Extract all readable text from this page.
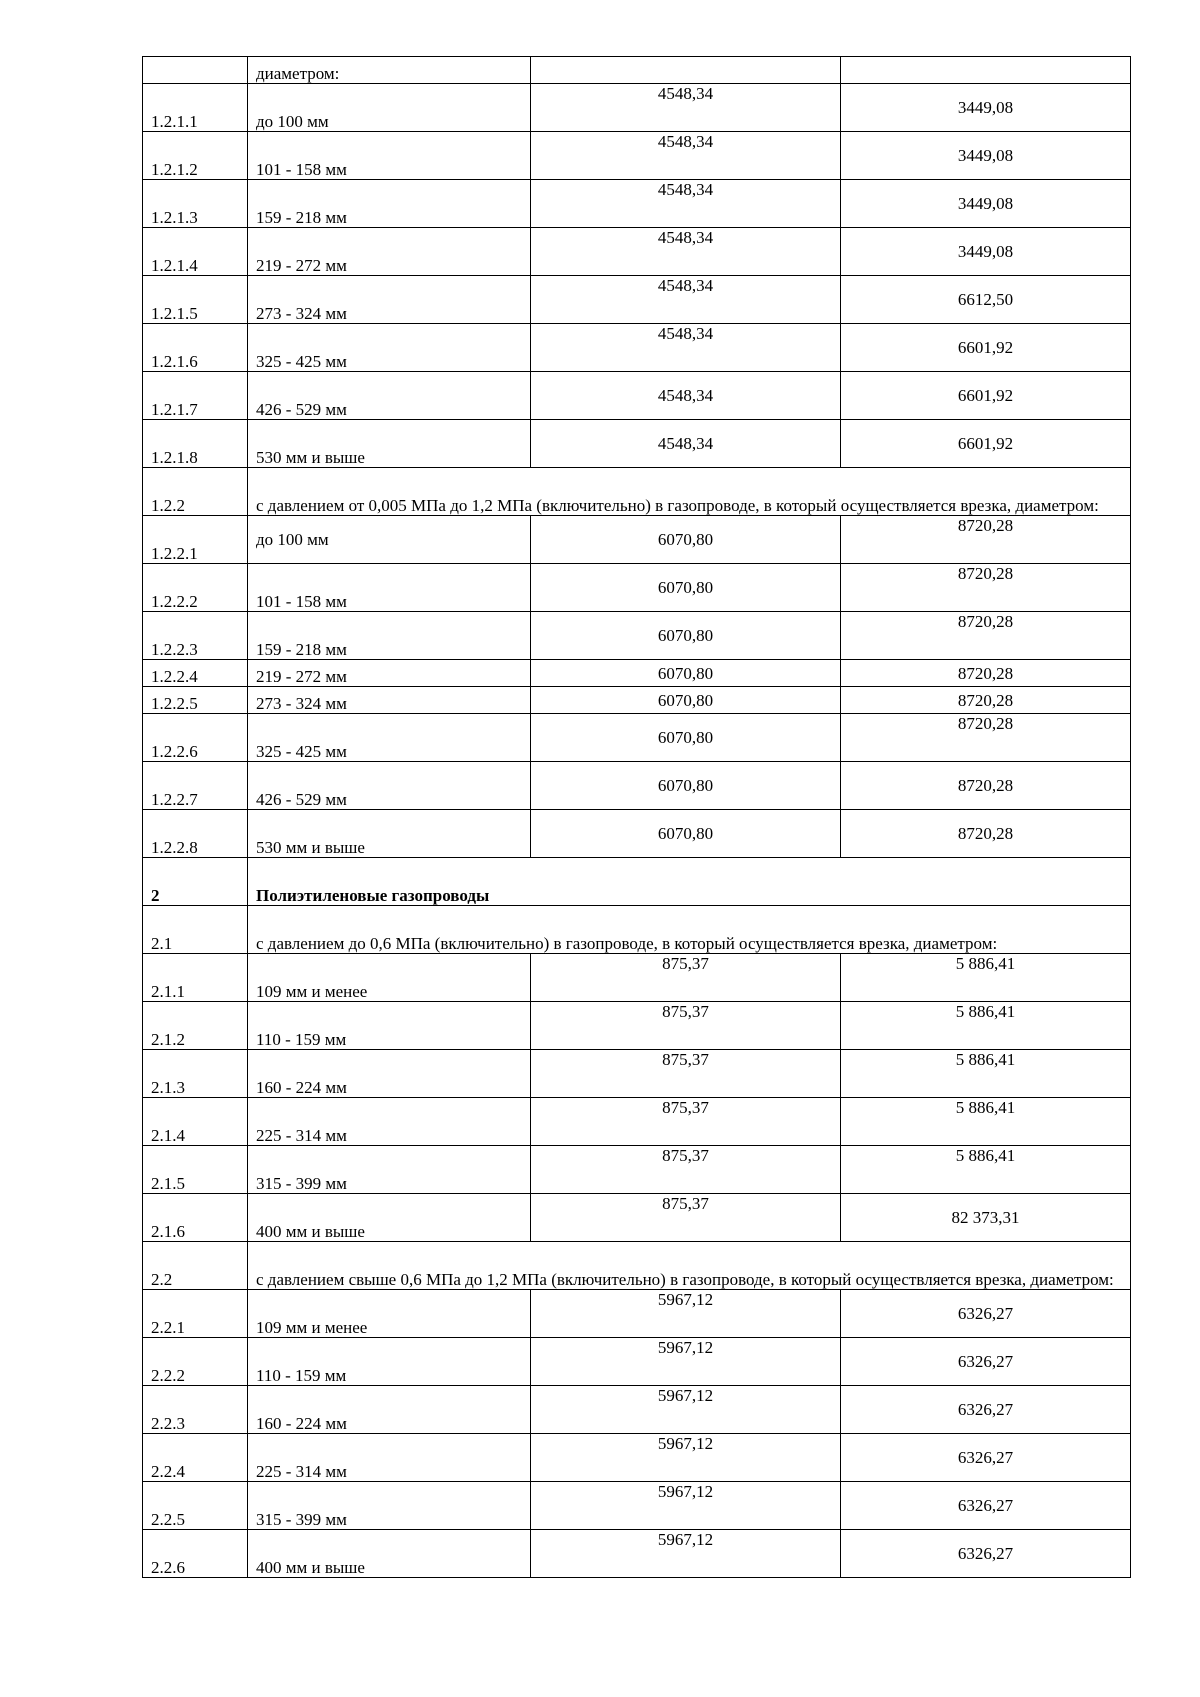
	диаметром:		
1.2.1.1	до 100 мм	4548,34	3449,08
1.2.1.2	101 - 158 мм	4548,34	3449,08
1.2.1.3	159 - 218 мм	4548,34	3449,08
1.2.1.4	219 - 272 мм	4548,34	3449,08
1.2.1.5	273 - 324 мм	4548,34	6612,50
1.2.1.6	325 - 425 мм	4548,34	6601,92
1.2.1.7	426 - 529 мм	4548,34	6601,92
1.2.1.8	530 мм и выше	4548,34	6601,92
1.2.2	с давлением от 0,005 МПа до 1,2 МПа (включительно) в газопроводе, в который осуществляется врезка, диаметром:		
1.2.2.1	до 100 мм	6070,80	8720,28
1.2.2.2	101 - 158 мм	6070,80	8720,28
1.2.2.3	159 - 218 мм	6070,80	8720,28
1.2.2.4	219 - 272 мм	6070,80	8720,28
1.2.2.5	273 - 324 мм	6070,80	8720,28
1.2.2.6	325 - 425 мм	6070,80	8720,28
1.2.2.7	426 - 529 мм	6070,80	8720,28
1.2.2.8	530 мм и выше	6070,80	8720,28
2	Полиэтиленовые газопроводы		
2.1	с давлением до 0,6 МПа (включительно) в газопроводе, в который осуществляется врезка, диаметром:		
2.1.1	109 мм и менее	875,37	5 886,41
2.1.2	110 - 159 мм	875,37	5 886,41
2.1.3	160 - 224 мм	875,37	5 886,41
2.1.4	225 - 314 мм	875,37	5 886,41
2.1.5	315 - 399 мм	875,37	5 886,41
2.1.6	400 мм и выше	875,37	82 373,31
2.2	с давлением свыше 0,6 МПа до 1,2 МПа (включительно) в газопроводе, в который осуществляется врезка, диаметром:		
2.2.1	109 мм и менее	5967,12	6326,27
2.2.2	110 - 159 мм	5967,12	6326,27
2.2.3	160 - 224 мм	5967,12	6326,27
2.2.4	225 - 314 мм	5967,12	6326,27
2.2.5	315 - 399 мм	5967,12	6326,27
2.2.6	400 мм и выше	5967,12	6326,27
